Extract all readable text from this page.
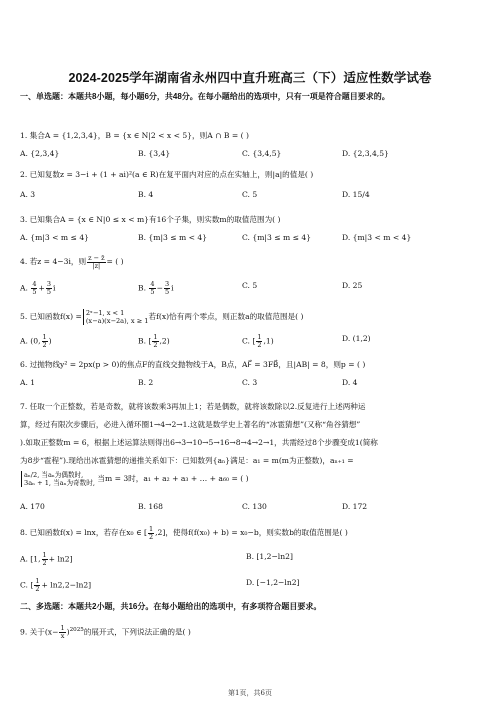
2024-2025学年湖南省永州四中直升班高三（下）适应性数学试卷
一、单选题：本题共8小题，每小题6分，共48分。在每小题给出的选项中，只有一项是符合题目要求的。
1. 集合A = {1,2,3,4}，B = {x ∈ N|2 < x < 5}，则A ∩ B = ( )
A. {2,3,4}	B. {3,4}	C. {3,4,5}	D. {2,3,4,5}
2. 已知复数z = 3−i + (1 + ai)²(a ∈ R)在复平面内对应的点在实轴上，则|a|的值是( )
A. 3	B. 4	C. 5	D. 15/4
3. 已知集合A = {x ∈ N|0 ≤ x < m}有16个子集，则实数m的取值范围为( )
A. {m|3 < m ≤ 4}	B. {m|3 ≤ m < 4}	C. {m|3 ≤ m ≤ 4}	D. {m|3 < m < 4}
4. 若z = 4−3i，则 $\frac{z - z̄}{|z|}$ = ( )
A. $\frac{4}{5} + \frac{3}{5}$ i	B. $\frac{4}{5} - \frac{3}{5}$ i	C. 5	D. 25
5. 已知函数f(x) = 2ˣ−1, x < 1
(x−a)(x−2a), x ≥ 1 若f(x)恰有两个零点，则正数a的取值范围是( )
A. (0, $\frac{1}{2}$ )	B. [ $\frac{1}{2} ,2$)	C. [ $\frac{1}{2} ,1$)	D. (1,2)
6. 过抛物线y² = 2px(p > 0)的焦点F的直线交抛物线于A，B点，AF⃗ = 3FB⃗，且|AB| = 8，则p = ( )
A. 1	B. 2	C. 3	D. 4
7. 任取一个正整数，若是奇数，就将该数乘3再加上1；若是偶数，就将该数除以2.反复进行上述两种运
算，经过有限次步骤后，必进入循环圈1→4→2→1.这就是数学史上著名的“冰雹猜想”(又称“角谷猜想”
).如取正整数m = 6，根据上述运算法则得出6→3→10→5→16→8→4→2→1，共需经过8个步骤变成1(简称
为8步“雹程”).现给出冰雹猜想的递推关系如下：已知数列{aₙ}满足：a₁ = m(m为正整数)，aₙ₊₁ =
aₙ/2, 当aₙ为偶数时,
3aₙ + 1, 当aₙ为奇数时, 当m = 3时，a₁ + a₂ + a₃ + … + a₆₀ = ( )
A. 170	B. 168	C. 130	D. 172
8. 已知函数f(x) = lnx，若存在x₀ ∈ [ $\frac{1}{2} ,2$]，使得f(f(x₀) + b) = x₀−b，则实数b的取值范围是( )
A. [1, $\frac{1}{2} + \ln 2$]	B. [1,2−ln2]
C. [ $\frac{1}{2} + \ln 2,2-\ln 2$]	D. [−1,2−ln2]
二、多选题：本题共2小题，共16分。在每小题给出的选项中，有多项符合题目要求。
9. 关于$(x- \frac{1}{x} )^{2025}$的展开式，下列说法正确的是( )
第1页，共6页
